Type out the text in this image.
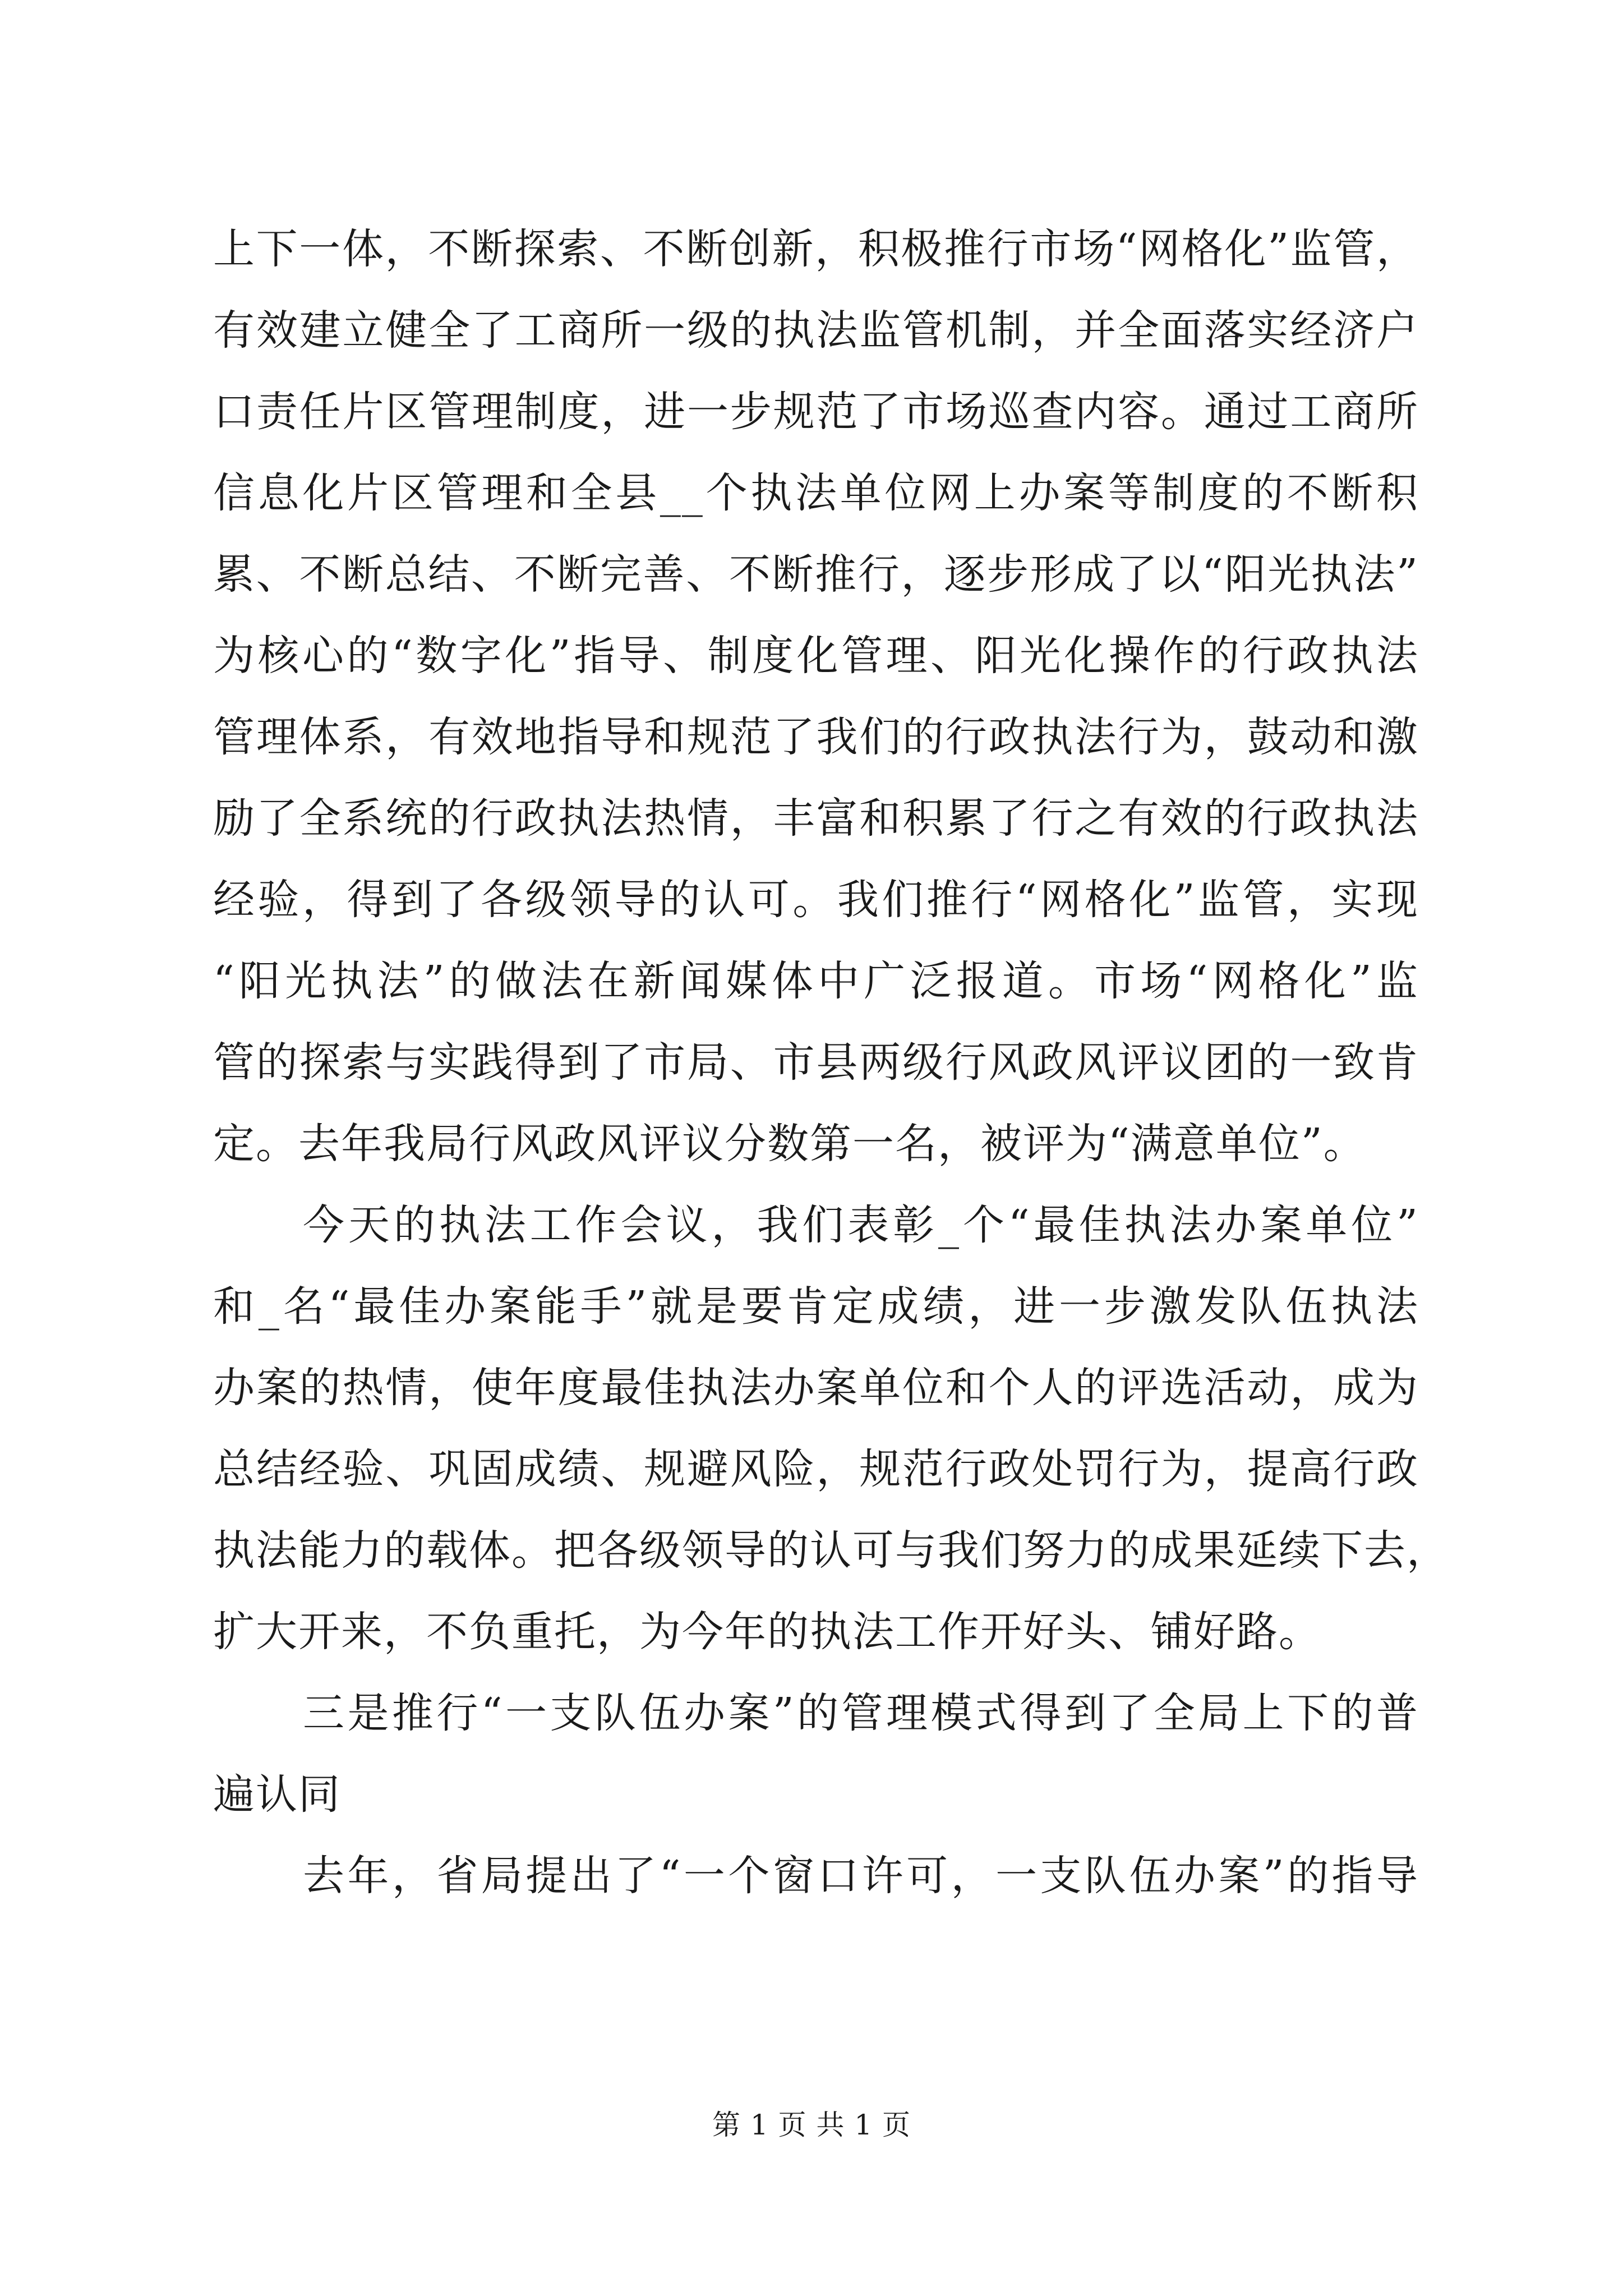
上下一体，不断探索、不断创新，积极推行市场“网格化”监管，
有效建立健全了工商所一级的执法监管机制，并全面落实经济户
口责任片区管理制度，进一步规范了市场巡查内容。通过工商所
信息化片区管理和全县__个执法单位网上办案等制度的不断积
累、不断总结、不断完善、不断推行，逐步形成了以“阳光执法”
为核心的“数字化”指导、制度化管理、阳光化操作的行政执法
管理体系，有效地指导和规范了我们的行政执法行为，鼓动和激
励了全系统的行政执法热情，丰富和积累了行之有效的行政执法
经验，得到了各级领导的认可。我们推行“网格化”监管，实现
“阳光执法”的做法在新闻媒体中广泛报道。市场“网格化”监
管的探索与实践得到了市局、市县两级行风政风评议团的一致肯
定。去年我局行风政风评议分数第一名，被评为“满意单位”。
今天的执法工作会议，我们表彰_个“最佳执法办案单位”
和_名“最佳办案能手”就是要肯定成绩，进一步激发队伍执法
办案的热情，使年度最佳执法办案单位和个人的评选活动，成为
总结经验、巩固成绩、规避风险，规范行政处罚行为，提高行政
执法能力的载体。把各级领导的认可与我们努力的成果延续下去，
扩大开来，不负重托，为今年的执法工作开好头、铺好路。
三是推行“一支队伍办案”的管理模式得到了全局上下的普
遍认同
去年，省局提出了“一个窗口许可，一支队伍办案”的指导
第 1 页 共 1 页
